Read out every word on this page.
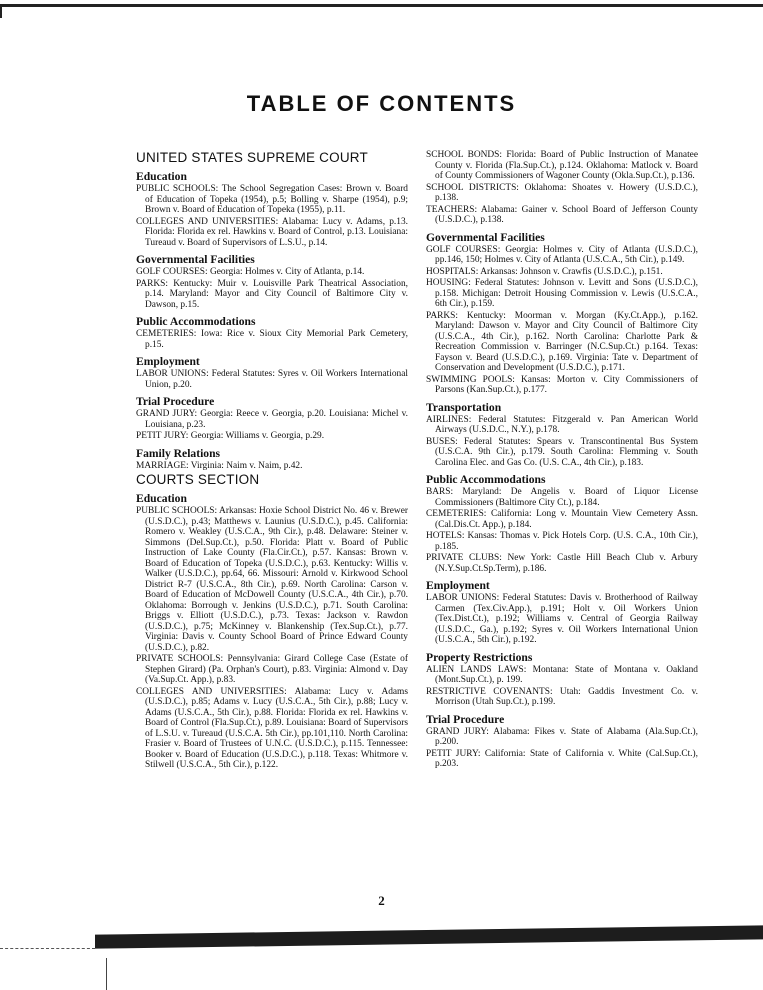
TABLE OF CONTENTS
UNITED STATES SUPREME COURT
Education
PUBLIC SCHOOLS: The School Segregation Cases: Brown v. Board of Education of Topeka (1954), p.5; Bolling v. Sharpe (1954), p.9; Brown v. Board of Education of Topeka (1955), p.11.
COLLEGES AND UNIVERSITIES: Alabama: Lucy v. Adams, p.13. Florida: Florida ex rel. Hawkins v. Board of Control, p.13. Louisiana: Tureaud v. Board of Supervisors of L.S.U., p.14.
Governmental Facilities
GOLF COURSES: Georgia: Holmes v. City of Atlanta, p.14.
PARKS: Kentucky: Muir v. Louisville Park Theatrical Association, p.14. Maryland: Mayor and City Council of Baltimore City v. Dawson, p.15.
Public Accommodations
CEMETERIES: Iowa: Rice v. Sioux City Memorial Park Cemetery, p.15.
Employment
LABOR UNIONS: Federal Statutes: Syres v. Oil Workers International Union, p.20.
Trial Procedure
GRAND JURY: Georgia: Reece v. Georgia, p.20. Louisiana: Michel v. Louisiana, p.23.
PETIT JURY: Georgia: Williams v. Georgia, p.29.
Family Relations
MARRIAGE: Virginia: Naim v. Naim, p.42.
COURTS SECTION
Education
PUBLIC SCHOOLS: Arkansas: Hoxie School District No. 46 v. Brewer (U.S.D.C.), p.43; Matthews v. Launius (U.S.D.C.), p.45. California: Romero v. Weakley (U.S.C.A., 9th Cir.), p.48. Delaware: Steiner v. Simmons (Del.Sup.Ct.), p.50. Florida: Platt v. Board of Public Instruction of Lake County (Fla.Cir.Ct.), p.57. Kansas: Brown v. Board of Education of Topeka (U.S.D.C.), p.63. Kentucky: Willis v. Walker (U.S.D.C.), pp.64, 66. Missouri: Arnold v. Kirkwood School District R-7 (U.S.C.A., 8th Cir.), p.69. North Carolina: Carson v. Board of Education of McDowell County (U.S.C.A., 4th Cir.), p.70. Oklahoma: Borrough v. Jenkins (U.S.D.C.), p.71. South Carolina: Briggs v. Elliott (U.S.D.C.), p.73. Texas: Jackson v. Rawdon (U.S.D.C.), p.75; McKinney v. Blankenship (Tex.Sup.Ct.), p.77. Virginia: Davis v. County School Board of Prince Edward County (U.S.D.C.), p.82.
PRIVATE SCHOOLS: Pennsylvania: Girard College Case (Estate of Stephen Girard) (Pa. Orphan's Court), p.83. Virginia: Almond v. Day (Va.Sup.Ct. App.), p.83.
COLLEGES AND UNIVERSITIES: Alabama: Lucy v. Adams (U.S.D.C.), p.85; Adams v. Lucy (U.S.C.A., 5th Cir.), p.88; Lucy v. Adams (U.S.C.A., 5th Cir.), p.88. Florida: Florida ex rel. Hawkins v. Board of Control (Fla.Sup.Ct.), p.89. Louisiana: Board of Supervisors of L.S.U. v. Tureaud (U.S.C.A. 5th Cir.), pp.101,110. North Carolina: Frasier v. Board of Trustees of U.N.C. (U.S.D.C.), p.115. Tennessee: Booker v. Board of Education (U.S.D.C.), p.118. Texas: Whitmore v. Stilwell (U.S.C.A., 5th Cir.), p.122.
SCHOOL BONDS: Florida: Board of Public Instruction of Manatee County v. Florida (Fla.Sup.Ct.), p.124. Oklahoma: Matlock v. Board of County Commissioners of Wagoner County (Okla.Sup.Ct.), p.136.
SCHOOL DISTRICTS: Oklahoma: Shoates v. Howery (U.S.D.C.), p.138.
TEACHERS: Alabama: Gainer v. School Board of Jefferson County (U.S.D.C.), p.138.
Governmental Facilities
GOLF COURSES: Georgia: Holmes v. City of Atlanta (U.S.D.C.), pp.146, 150; Holmes v. City of Atlanta (U.S.C.A., 5th Cir.), p.149.
HOSPITALS: Arkansas: Johnson v. Crawfis (U.S.D.C.), p.151.
HOUSING: Federal Statutes: Johnson v. Levitt and Sons (U.S.D.C.), p.158. Michigan: Detroit Housing Commission v. Lewis (U.S.C.A., 6th Cir.), p.159.
PARKS: Kentucky: Moorman v. Morgan (Ky.Ct.App.), p.162. Maryland: Dawson v. Mayor and City Council of Baltimore City (U.S.C.A., 4th Cir.), p.162. North Carolina: Charlotte Park & Recreation Commission v. Barringer (N.C.Sup.Ct.) p.164. Texas: Fayson v. Beard (U.S.D.C.), p.169. Virginia: Tate v. Department of Conservation and Development (U.S.D.C.), p.171.
SWIMMING POOLS: Kansas: Morton v. City Commissioners of Parsons (Kan.Sup.Ct.), p.177.
Transportation
AIRLINES: Federal Statutes: Fitzgerald v. Pan American World Airways (U.S.D.C., N.Y.), p.178.
BUSES: Federal Statutes: Spears v. Transcontinental Bus System (U.S.C.A. 9th Cir.), p.179. South Carolina: Flemming v. South Carolina Elec. and Gas Co. (U.S. C.A., 4th Cir.), p.183.
Public Accommodations
BARS: Maryland: De Angelis v. Board of Liquor License Commissioners (Baltimore City Ct.), p.184.
CEMETERIES: California: Long v. Mountain View Cemetery Assn. (Cal.Dis.Ct. App.), p.184.
HOTELS: Kansas: Thomas v. Pick Hotels Corp. (U.S. C.A., 10th Cir.), p.185.
PRIVATE CLUBS: New York: Castle Hill Beach Club v. Arbury (N.Y.Sup.Ct.Sp.Term), p.186.
Employment
LABOR UNIONS: Federal Statutes: Davis v. Brotherhood of Railway Carmen (Tex.Civ.App.), p.191; Holt v. Oil Workers Union (Tex.Dist.Ct.), p.192; Williams v. Central of Georgia Railway (U.S.D.C., Ga.), p.192; Syres v. Oil Workers International Union (U.S.C.A., 5th Cir.), p.192.
Property Restrictions
ALIEN LANDS LAWS: Montana: State of Montana v. Oakland (Mont.Sup.Ct.), p. 199.
RESTRICTIVE COVENANTS: Utah: Gaddis Investment Co. v. Morrison (Utah Sup.Ct.), p.199.
Trial Procedure
GRAND JURY: Alabama: Fikes v. State of Alabama (Ala.Sup.Ct.), p.200.
PETIT JURY: California: State of California v. White (Cal.Sup.Ct.), p.203.
2
